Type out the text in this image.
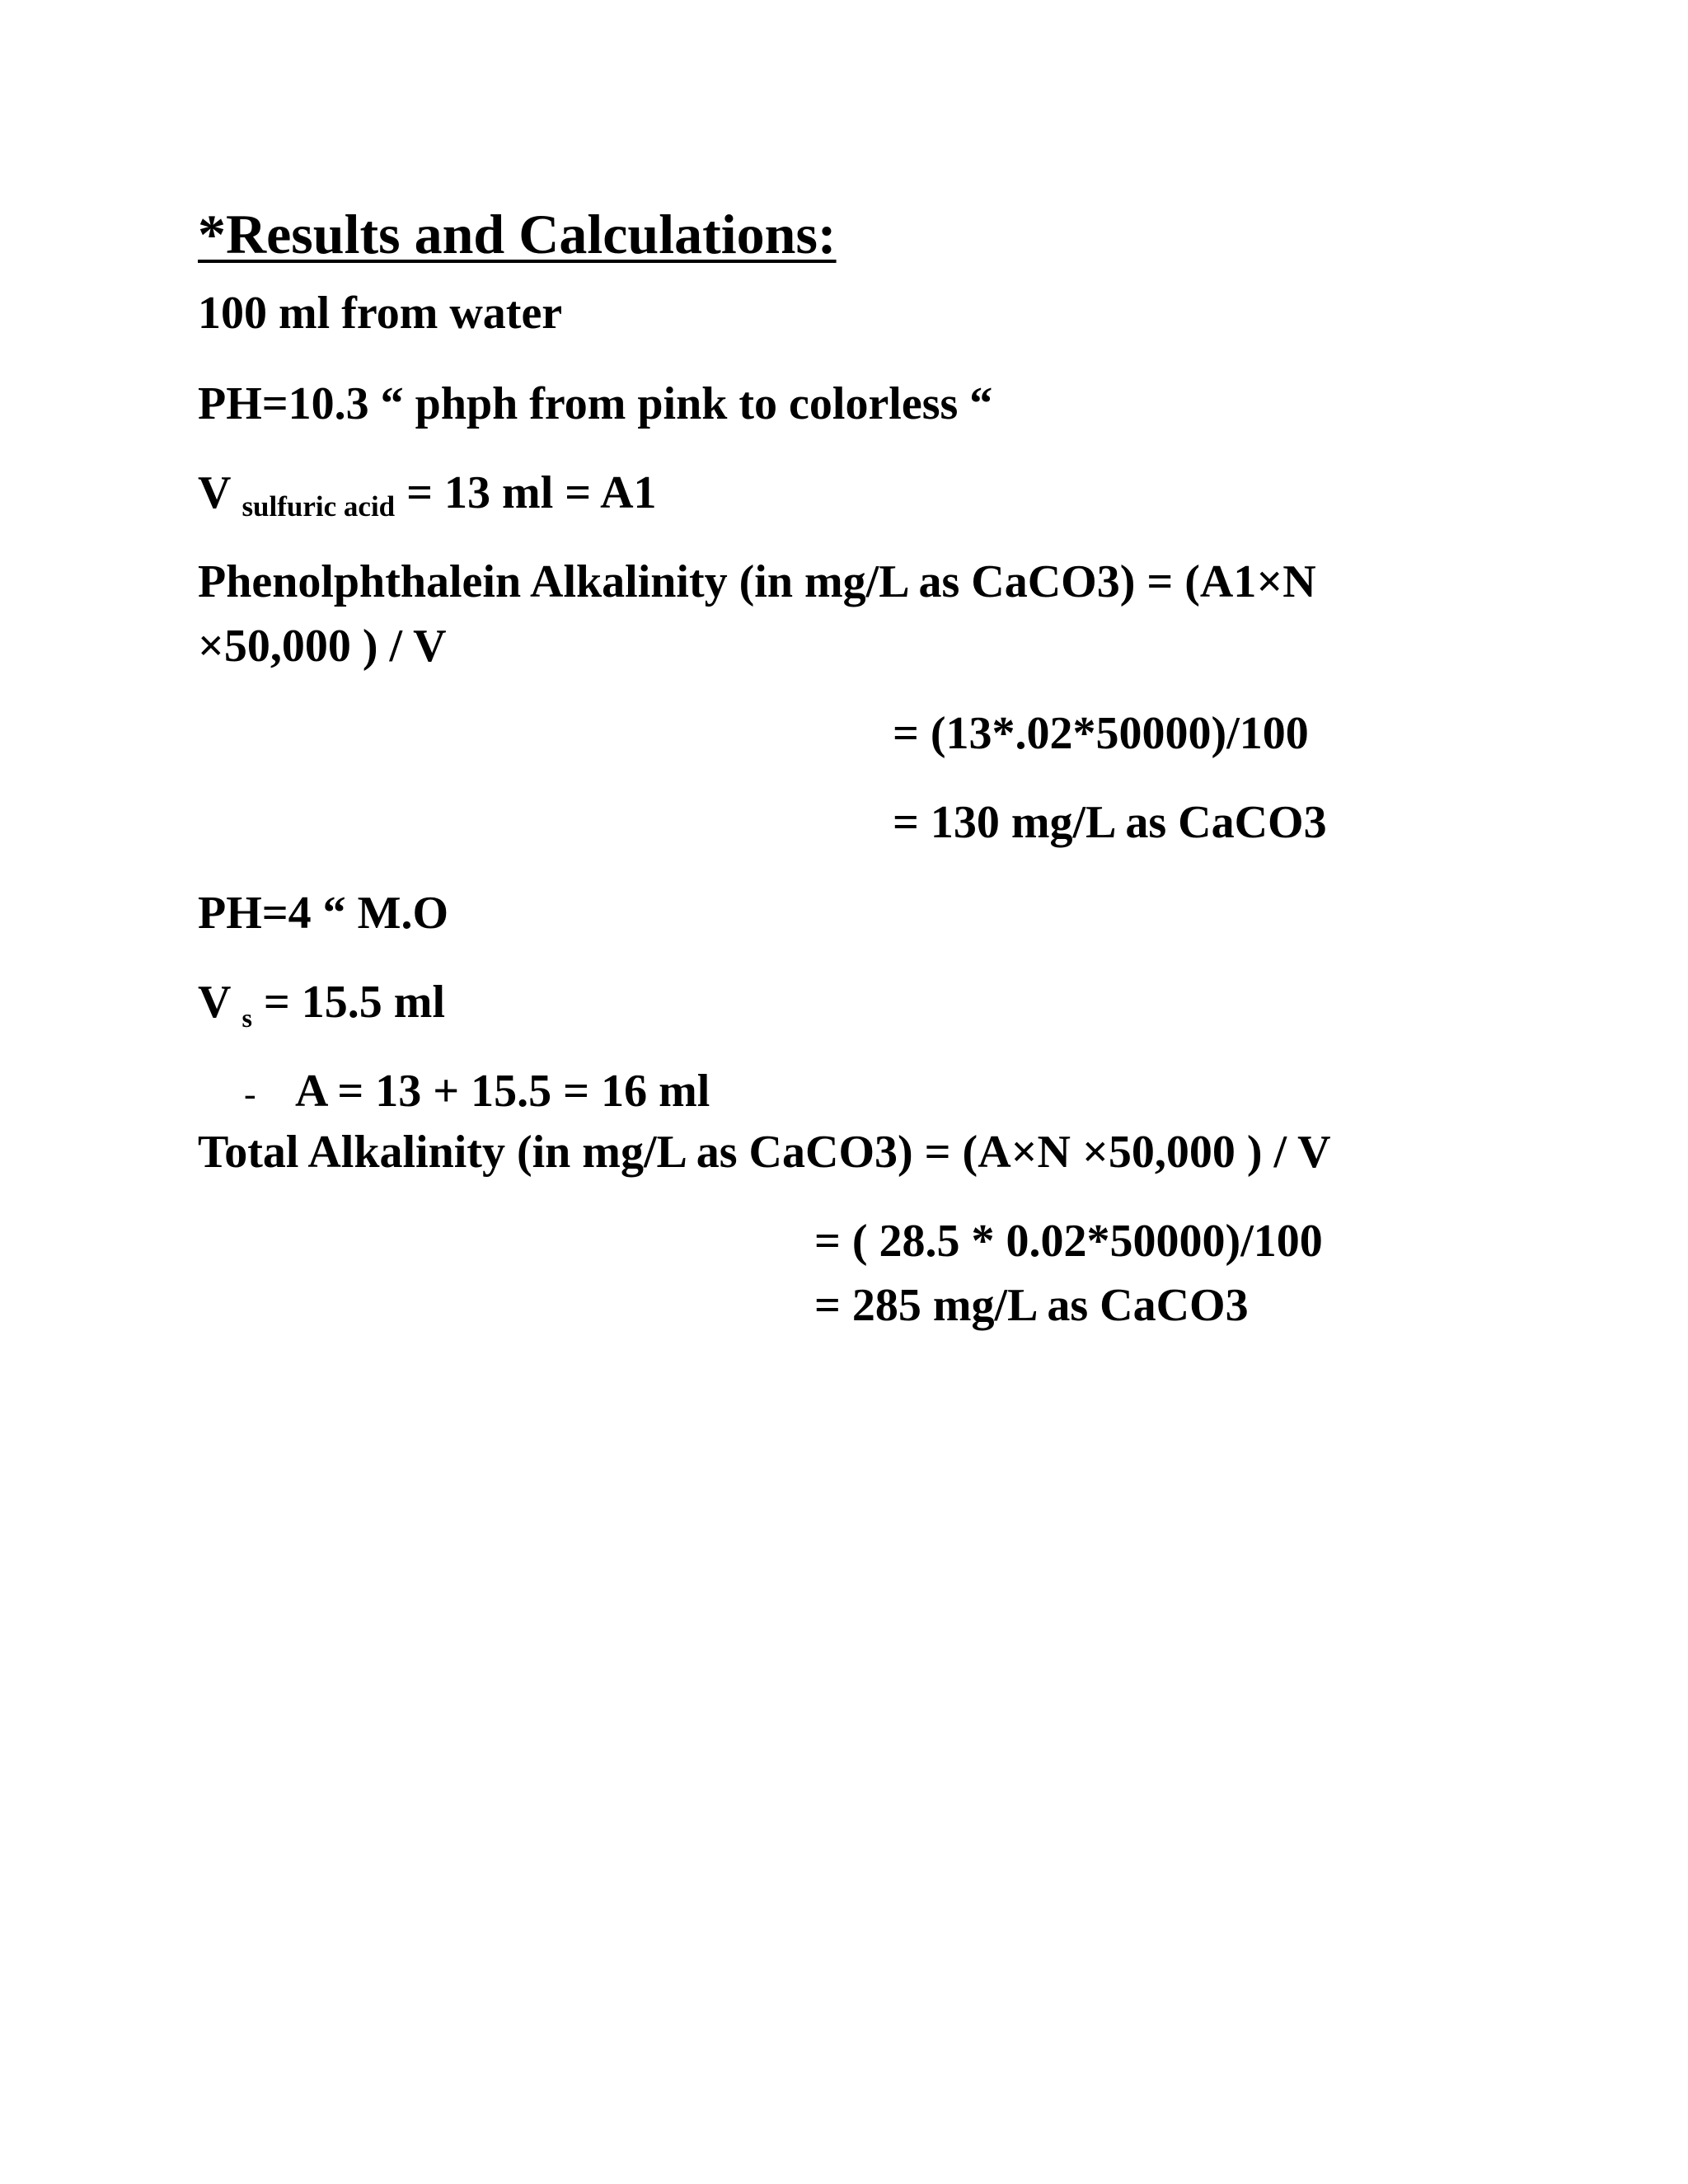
*Results and Calculations:
100 ml from water
PH=10.3 “ phph from pink to colorless “
V sulfuric acid = 13 ml = A1
Phenolphthalein Alkalinity (in mg/L as CaCO3) = (A1×N
×50,000 ) / V
= (13*.02*50000)/100
= 130 mg/L as CaCO3
PH=4 “ M.O
V $_s$ = 15.5 ml
- A = 13 + 15.5 = 16 ml
Total Alkalinity (in mg/L as CaCO3) = (A×N ×50,000 ) / V
= ( 28.5 * 0.02*50000)/100
= 285 mg/L as CaCO3
